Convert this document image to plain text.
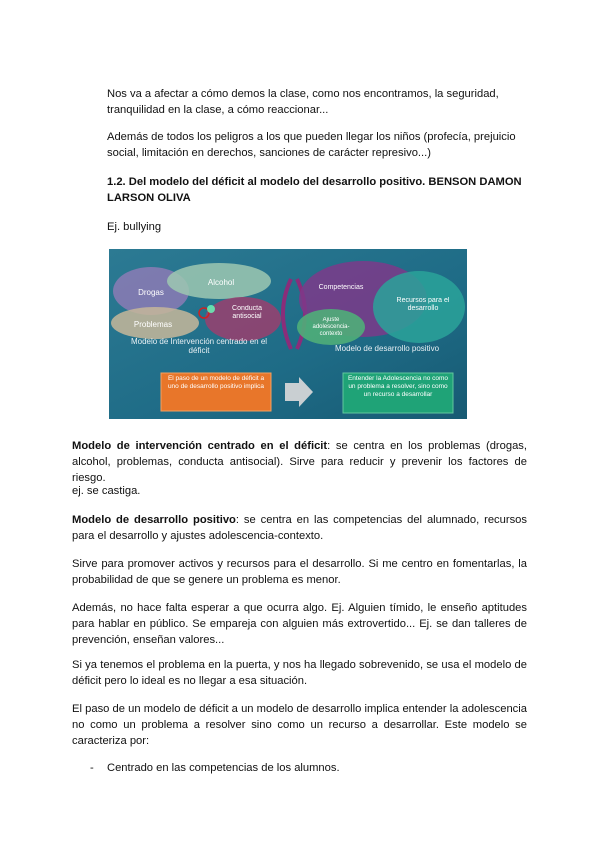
Nos va a afectar a cómo demos la clase, como nos encontramos, la seguridad, tranquilidad en la clase, a cómo reaccionar...

Además de todos los peligros a los que pueden llegar los niños (profecía, prejuicio social, limitación en derechos, sanciones de carácter represivo...)

1.2. Del modelo del déficit al modelo del desarrollo positivo. BENSON DAMON LARSON OLIVA

Ej. bullying

Drogas
Alcohol
Problemas
Conducta antisocial
Modelo de Intervención centrado en el déficit
Competencias
Recursos para el desarrollo
Ajuste adolescencia-contexto
Modelo de desarrollo positivo
El paso de un modelo de déficit a uno de desarrollo positivo implica
Entender la Adolescencia no como un problema a resolver, sino como un recurso a desarrollar

Modelo de intervención centrado en el déficit: se centra en los problemas (drogas, alcohol, problemas, conducta antisocial). Sirve para reducir y prevenir los factores de riesgo.

ej. se castiga.

Modelo de desarrollo positivo: se centra en las competencias del alumnado, recursos para el desarrollo y ajustes adolescencia-contexto.

Sirve para promover activos y recursos para el desarrollo. Si me centro en fomentarlas, la probabilidad de que se genere un problema es menor.

Además, no hace falta esperar a que ocurra algo. Ej. Alguien tímido, le enseño aptitudes para hablar en público. Se empareja con alguien más extrovertido... Ej. se dan talleres de prevención, enseñan valores...

Si ya tenemos el problema en la puerta, y nos ha llegado sobrevenido, se usa el modelo de déficit pero lo ideal es no llegar a esa situación.

El paso de un modelo de déficit a un modelo de desarrollo implica entender la adolescencia no como un problema a resolver sino como un recurso a desarrollar. Este modelo se caracteriza por:

- Centrado en las competencias de los alumnos.
